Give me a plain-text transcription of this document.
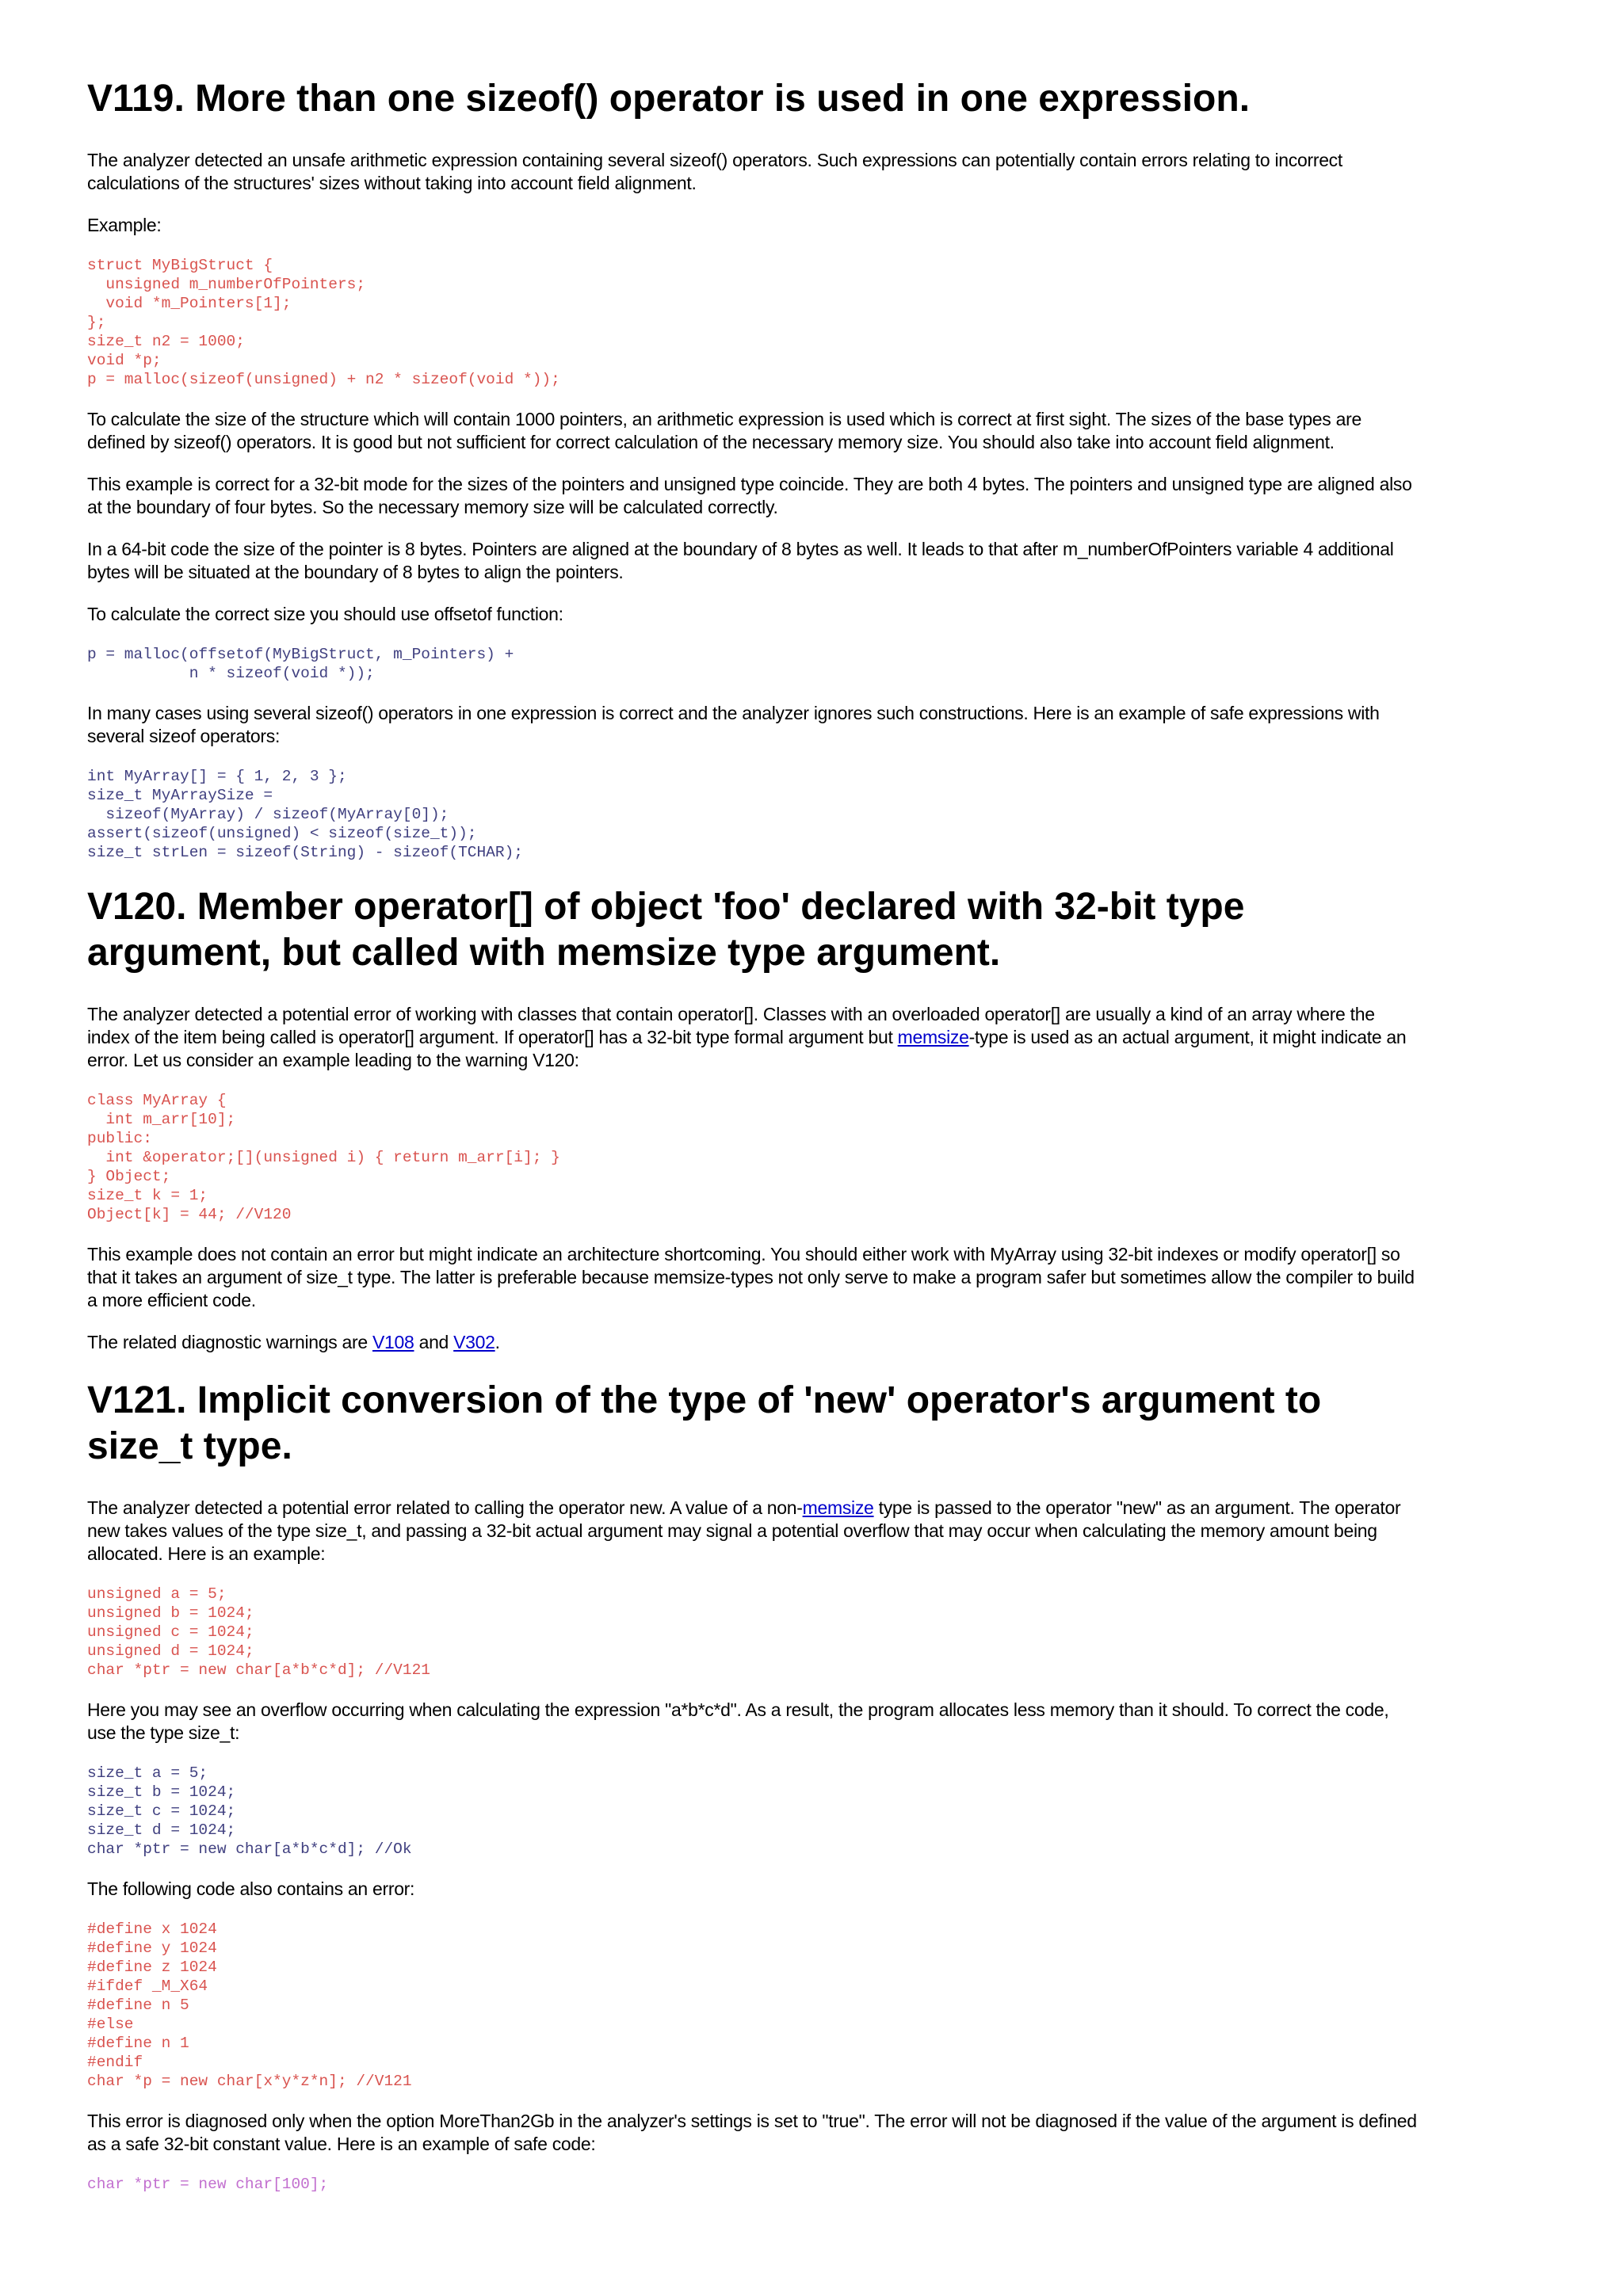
V119. More than one sizeof() operator is used in one expression.

The analyzer detected an unsafe arithmetic expression containing several sizeof() operators. Such expressions can potentially contain errors relating to incorrect calculations of the structures' sizes without taking into account field alignment.

Example:

struct MyBigStruct {
unsigned m_numberOfPointers;
void *m_Pointers[1];
};
size_t n2 = 1000;
void *p;
p = malloc(sizeof(unsigned) + n2 * sizeof(void *));

To calculate the size of the structure which will contain 1000 pointers, an arithmetic expression is used which is correct at first sight. The sizes of the base types are defined by sizeof() operators. It is good but not sufficient for correct calculation of the necessary memory size. You should also take into account field alignment.

This example is correct for a 32-bit mode for the sizes of the pointers and unsigned type coincide. They are both 4 bytes. The pointers and unsigned type are aligned also at the boundary of four bytes. So the necessary memory size will be calculated correctly.

In a 64-bit code the size of the pointer is 8 bytes. Pointers are aligned at the boundary of 8 bytes as well. It leads to that after m_numberOfPointers variable 4 additional bytes will be situated at the boundary of 8 bytes to align the pointers.

To calculate the correct size you should use offsetof function:

p = malloc(offsetof(MyBigStruct, m_Pointers) +
n * sizeof(void *));

In many cases using several sizeof() operators in one expression is correct and the analyzer ignores such constructions. Here is an example of safe expressions with several sizeof operators:

int MyArray[] = { 1, 2, 3 };
size_t MyArraySize =
sizeof(MyArray) / sizeof(MyArray[0]);
assert(sizeof(unsigned) < sizeof(size_t));
size_t strLen = sizeof(String) - sizeof(TCHAR);
V120. Member operator[] of object 'foo' declared with 32-bit type argument, but called with memsize type argument.

The analyzer detected a potential error of working with classes that contain operator[]. Classes with an overloaded operator[] are usually a kind of an array where the index of the item being called is operator[] argument. If operator[] has a 32-bit type formal argument but memsize-type is used as an actual argument, it might indicate an error. Let us consider an example leading to the warning V120:

class MyArray {
int m_arr[10];
public:
int &operator;[](unsigned i) { return m_arr[i]; }
} Object;
size_t k = 1;
Object[k] = 44; //V120

This example does not contain an error but might indicate an architecture shortcoming. You should either work with MyArray using 32-bit indexes or modify operator[] so that it takes an argument of size_t type. The latter is preferable because memsize-types not only serve to make a program safer but sometimes allow the compiler to build a more efficient code.

The related diagnostic warnings are V108 and V302.

V121. Implicit conversion of the type of 'new' operator's argument to size_t type.

The analyzer detected a potential error related to calling the operator new. A value of a non-memsize type is passed to the operator "new" as an argument. The operator new takes values of the type size_t, and passing a 32-bit actual argument may signal a potential overflow that may occur when calculating the memory amount being allocated. Here is an example:

unsigned a = 5;
unsigned b = 1024;
unsigned c = 1024;
unsigned d = 1024;
char *ptr = new char[a*b*c*d]; //V121

Here you may see an overflow occurring when calculating the expression "a*b*c*d". As a result, the program allocates less memory than it should. To correct the code, use the type size_t:

size_t a = 5;
size_t b = 1024;
size_t c = 1024;
size_t d = 1024;
char *ptr = new char[a*b*c*d]; //Ok

The following code also contains an error:

#define x 1024
#define y 1024
#define z 1024
#ifdef _M_X64
#define n 5
#else
#define n 1
#endif
char *p = new char[x*y*z*n]; //V121

This error is diagnosed only when the option MoreThan2Gb in the analyzer's settings is set to "true". The error will not be diagnosed if the value of the argument is defined as a safe 32-bit constant value. Here is an example of safe code:

char *ptr = new char[100];
